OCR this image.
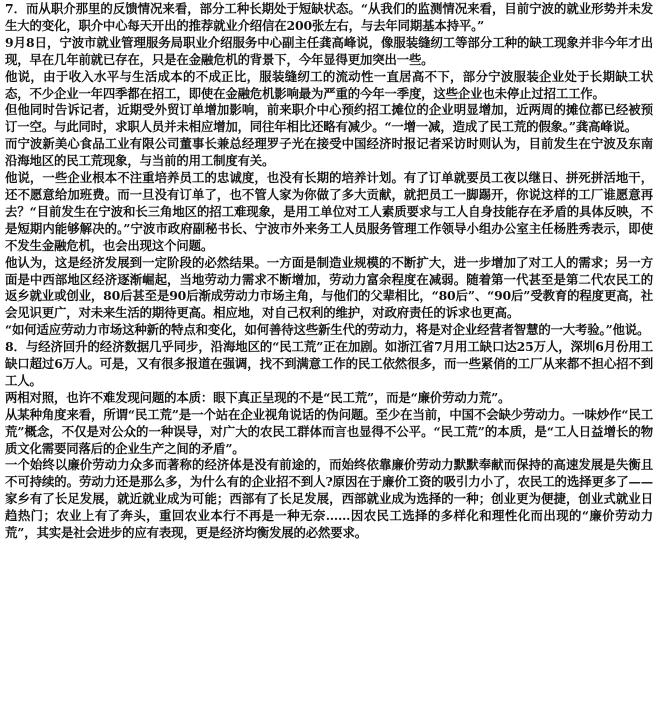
7．而从职介那里的反馈情况来看，部分工种长期处于短缺状态。“从我们的监测情况来看，目前宁波的就业形势并未发生大的变化，职介中心每天开出的推荐就业介绍信在200张左右，与去年同期基本持平。”

9月8日，宁波市就业管理服务局职业介绍服务中心副主任龚高峰说，像服装缝纫工等部分工种的缺工现象并非今年才出现，早在几年前就已存在，只是在金融危机的背景下，今年显得更加突出一些。

他说，由于收入水平与生活成本的不成正比，服装缝纫工的流动性一直居高不下，部分宁波服装企业处于长期缺工状态，不少企业一年四季都在招工，即使在金融危机影响最为严重的今年一季度，这些企业也未停止过招工工作。

但他同时告诉记者，近期受外贸订单增加影响，前来职介中心预约招工摊位的企业明显增加，近两周的摊位都已经被预订一空。与此同时，求职人员并未相应增加，同往年相比还略有减少。“一增一减，造成了民工荒的假象。”龚高峰说。

而宁波新美心食品工业有限公司董事长兼总经理罗子光在接受中国经济时报记者采访时则认为，目前发生在宁波及东南沿海地区的民工荒现象，与当前的用工制度有关。

他说，一些企业根本不注重培养员工的忠诚度，也没有长期的培养计划。有了订单就要员工夜以继日、拼死拼活地干，还不愿意给加班费。而一旦没有订单了，也不管人家为你做了多大贡献，就把员工一脚踢开，你说这样的工厂谁愿意再去？“目前发生在宁波和长三角地区的招工难现象，是用工单位对工人素质要求与工人自身技能存在矛盾的具体反映，不是短期内能够解决的。”宁波市政府副秘书长、宁波市外来务工人员服务管理工作领导小组办公室主任杨胜秀表示，即使不发生金融危机，也会出现这个问题。

他认为，这是经济发展到一定阶段的必然结果。一方面是制造业规模的不断扩大，进一步增加了对工人的需求；另一方面是中西部地区经济逐渐崛起，当地劳动力需求不断增加，劳动力富余程度在减弱。随着第一代甚至是第二代农民工的返乡就业或创业，80后甚至是90后渐成劳动力市场主角，与他们的父辈相比，“80后”、“90后”受教育的程度更高，社会见识更广，对未来生活的期待更高。相应地，对自己权利的维护，对政府责任的诉求也更高。

“如何适应劳动力市场这种新的特点和变化，如何善待这些新生代的劳动力，将是对企业经营者智慧的一大考验。”他说。

8．与经济回升的经济数据几乎同步，沿海地区的“民工荒”正在加剧。如浙江省7月用工缺口达25万人，深圳6月份用工缺口超过6万人。可是，又有很多报道在强调，找不到满意工作的民工依然很多，而一些紧俏的工厂从来都不担心招不到工人。

两相对照，也许不难发现问题的本质：眼下真正呈现的不是“民工荒”，而是“廉价劳动力荒”。

从某种角度来看，所谓“民工荒”是一个站在企业视角说话的伪问题。至少在当前，中国不会缺少劳动力。一味炒作“民工荒”概念，不仅是对公众的一种误导，对广大的农民工群体而言也显得不公平。“民工荒”的本质，是“工人日益增长的物质文化需要同落后的企业生产之间的矛盾”。

一个始终以廉价劳动力众多而著称的经济体是没有前途的，而始终依靠廉价劳动力默默奉献而保持的高速发展是失衡且不可持续的。劳动力还是那么多，为什么有的企业招不到人?原因在于廉价工资的吸引力小了，农民工的选择更多了——家乡有了长足发展，就近就业成为可能；西部有了长足发展，西部就业成为选择的一种；创业更为便捷，创业式就业日趋热门；农业上有了奔头，重回农业本行不再是一种无奈……因农民工选择的多样化和理性化而出现的“廉价劳动力荒”，其实是社会进步的应有表现，更是经济均衡发展的必然要求。
